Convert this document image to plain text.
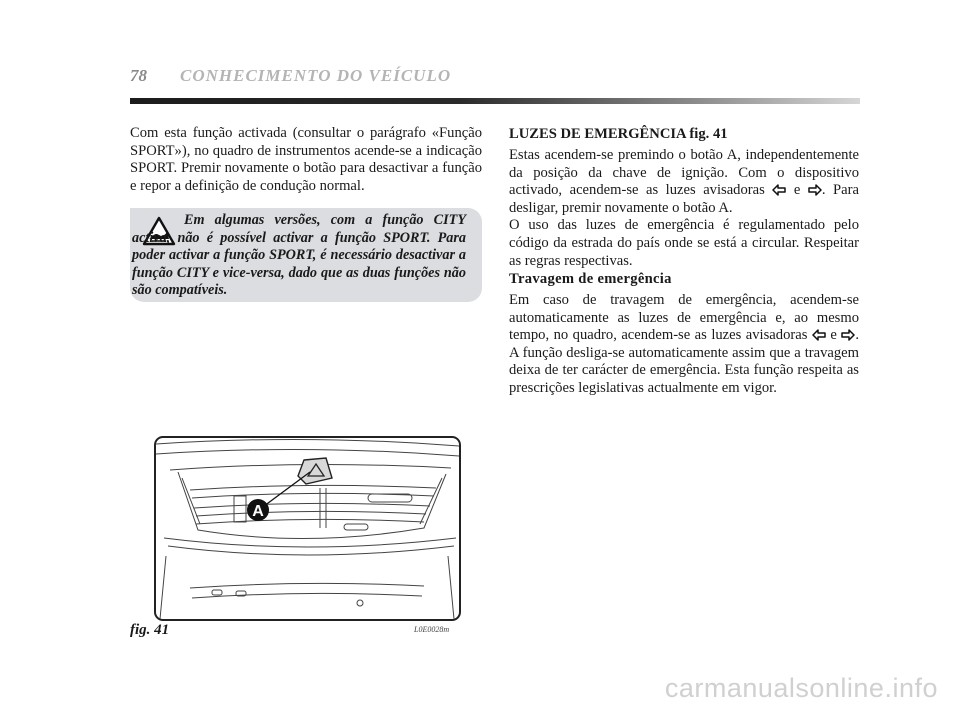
78 CONHECIMENTO DO VEÍCULO

Com esta função activada (consultar o parágrafo «Função SPORT»), no quadro de instrumentos acende-se a indicação SPORT. Premir novamente o botão para desactivar a função e repor a definição de condução normal.

Em algumas versões, com a função CITY activa, não é possível activar a função SPORT. Para poder activar a função SPORT, é necessário desactivar a função CITY e vice-versa, dado que as duas funções não são compatíveis.

A
fig. 41	L0E0028m
LUZES DE EMERGÊNCIA fig. 41

Estas acendem-se premindo o botão A, independentemente da posição da chave de ignição. Com o dispositivo activado, acendem-se as luzes avisadoras e . Para desligar, premir novamente o botão A.
O uso das luzes de emergência é regulamentado pelo código da estrada do país onde se está a circular. Respeitar as regras respectivas.

Travagem de emergência

Em caso de travagem de emergência, acendem-se automaticamente as luzes de emergência e, ao mesmo tempo, no quadro, acendem-se as luzes avisadoras e . A função desliga-se automaticamente assim que a travagem deixa de ter carácter de emergência. Esta função respeita as prescrições legislativas actualmente em vigor.

carmanualsonline.info
